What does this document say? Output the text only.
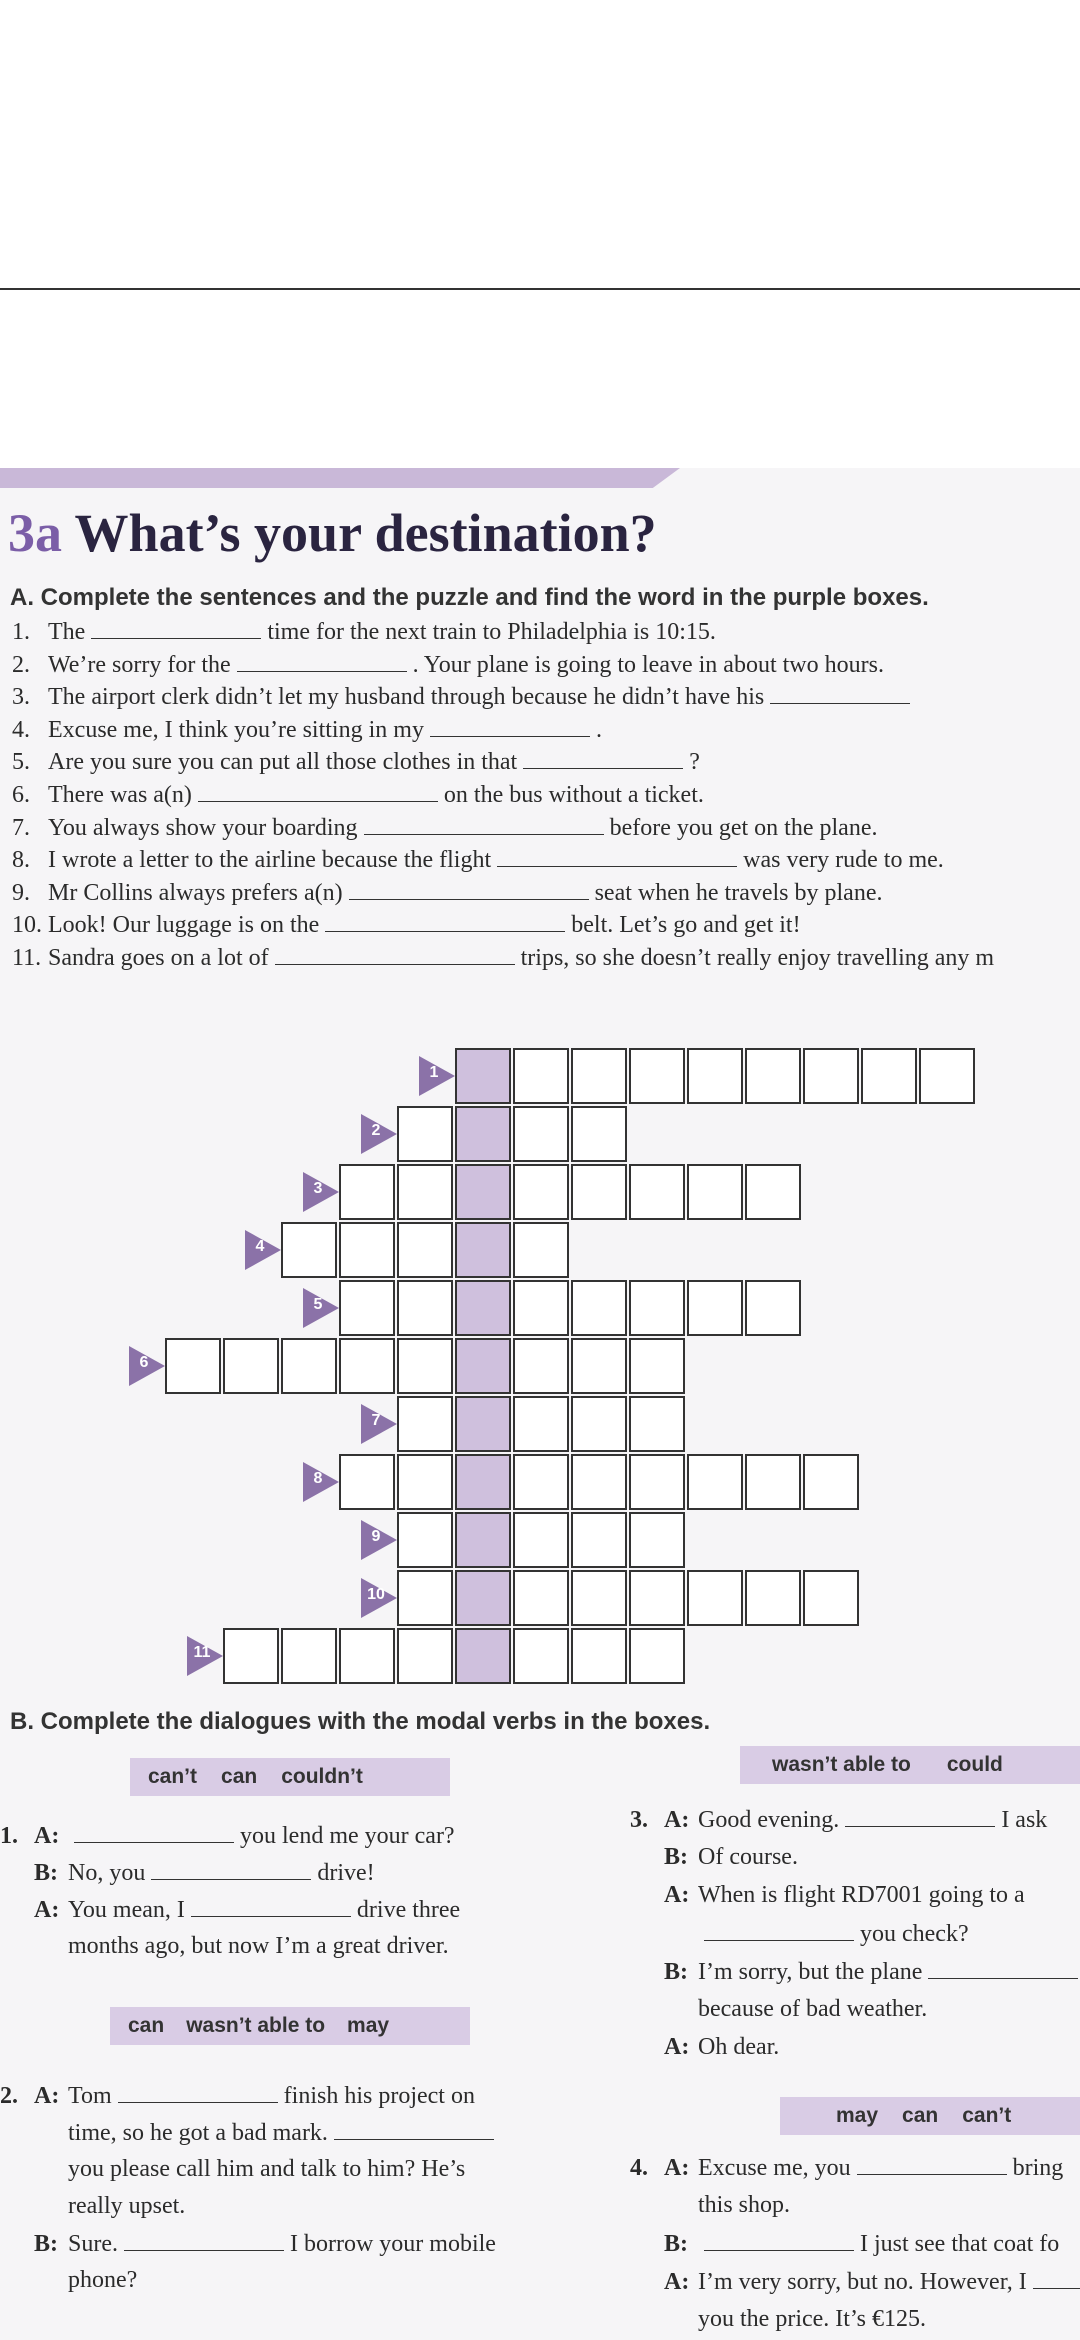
3a What’s your destination?
A. Complete the sentences and the puzzle and find the word in the purple boxes.
1. The	time for the next train to Philadelphia is 10:15.
2. We’re sorry for the	. Your plane is going to leave in about two hours.
3. The airport clerk didn’t let my husband through because he didn’t have his
4. Excuse me, I think you’re sitting in my	.
5. Are you sure you can put all those clothes in that	?
6. There was a(n)	on the bus without a ticket.
7. You always show your boarding	before you get on the plane.
8. I wrote a letter to the airline because the flight	was very rude to me.
9. Mr Collins always prefers a(n)	seat when he travels by plane.
10. Look! Our luggage is on the	belt. Let’s go and get it!
11. Sandra goes on a lot of	trips, so she doesn’t really enjoy travelling any m
1
2
3
4
5
6
7
8
9
10
11
B. Complete the dialogues with the modal verbs in the boxes.
can’t can couldn’t
wasn’t able to could
can wasn’t able to may
may can can’t
1. A:	you lend me your car?
B: No, you	drive!
A: You mean, I	drive three
months ago, but now I’m a great driver.
2. A: Tom	finish his project on
time, so he got a bad mark.
you please call him and talk to him? He’s
really upset.
B: Sure.	I borrow your mobile
phone?
3. A: Good evening.	I ask
B: Of course.
A: When is flight RD7001 going to a
you check?
B: I’m sorry, but the plane
because of bad weather.
A: Oh dear.
4. A: Excuse me, you	bring
this shop.
B:	I just see that coat fo
A: I’m very sorry, but no. However, I
you the price. It’s €125.
